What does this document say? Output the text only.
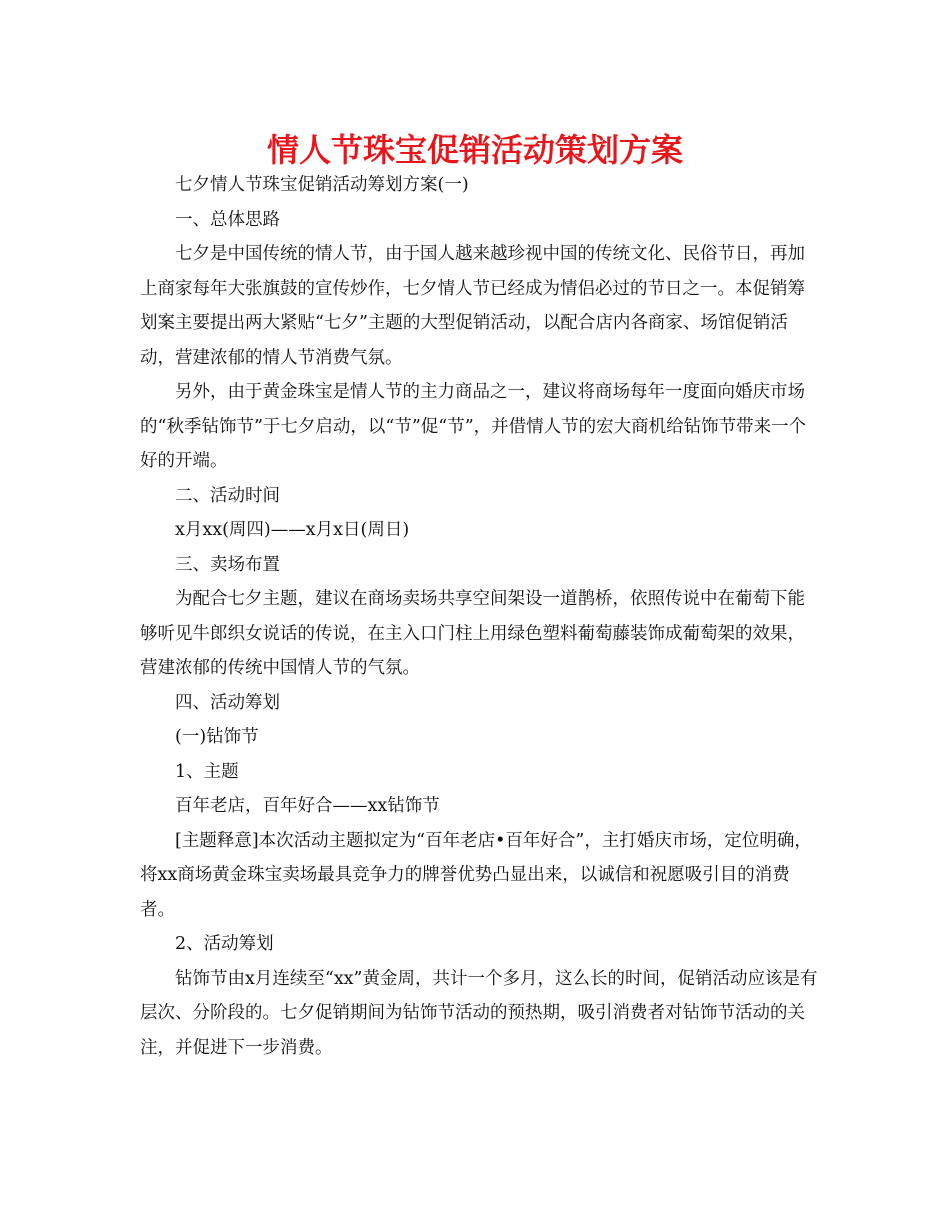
情人节珠宝促销活动策划方案

七夕情人节珠宝促销活动筹划方案(一)

一、总体思路

七夕是中国传统的情人节，由于国人越来越珍视中国的传统文化、民俗节日，再加上商家每年大张旗鼓的宣传炒作，七夕情人节已经成为情侣必过的节日之一。本促销筹划案主要提出两大紧贴“七夕”主题的大型促销活动，以配合店内各商家、场馆促销活动，营建浓郁的情人节消费气氛。

另外，由于黄金珠宝是情人节的主力商品之一，建议将商场每年一度面向婚庆市场的“秋季钻饰节”于七夕启动，以“节”促“节”，并借情人节的宏大商机给钻饰节带来一个好的开端。

二、活动时间

x月xx(周四)——x月x日(周日)

三、卖场布置

为配合七夕主题，建议在商场卖场共享空间架设一道鹊桥，依照传说中在葡萄下能够听见牛郎织女说话的传说，在主入口门柱上用绿色塑料葡萄藤装饰成葡萄架的效果，营建浓郁的传统中国情人节的气氛。

四、活动筹划

(一)钻饰节

1、主题

百年老店，百年好合——xx钻饰节

[主题释意]本次活动主题拟定为“百年老店•百年好合”，主打婚庆市场，定位明确，将xx商场黄金珠宝卖场最具竞争力的牌誉优势凸显出来，以诚信和祝愿吸引目的消费者。

2、活动筹划

钻饰节由x月连续至“xx”黄金周，共计一个多月，这么长的时间，促销活动应该是有层次、分阶段的。七夕促销期间为钻饰节活动的预热期，吸引消费者对钻饰节活动的关注，并促进下一步消费。
